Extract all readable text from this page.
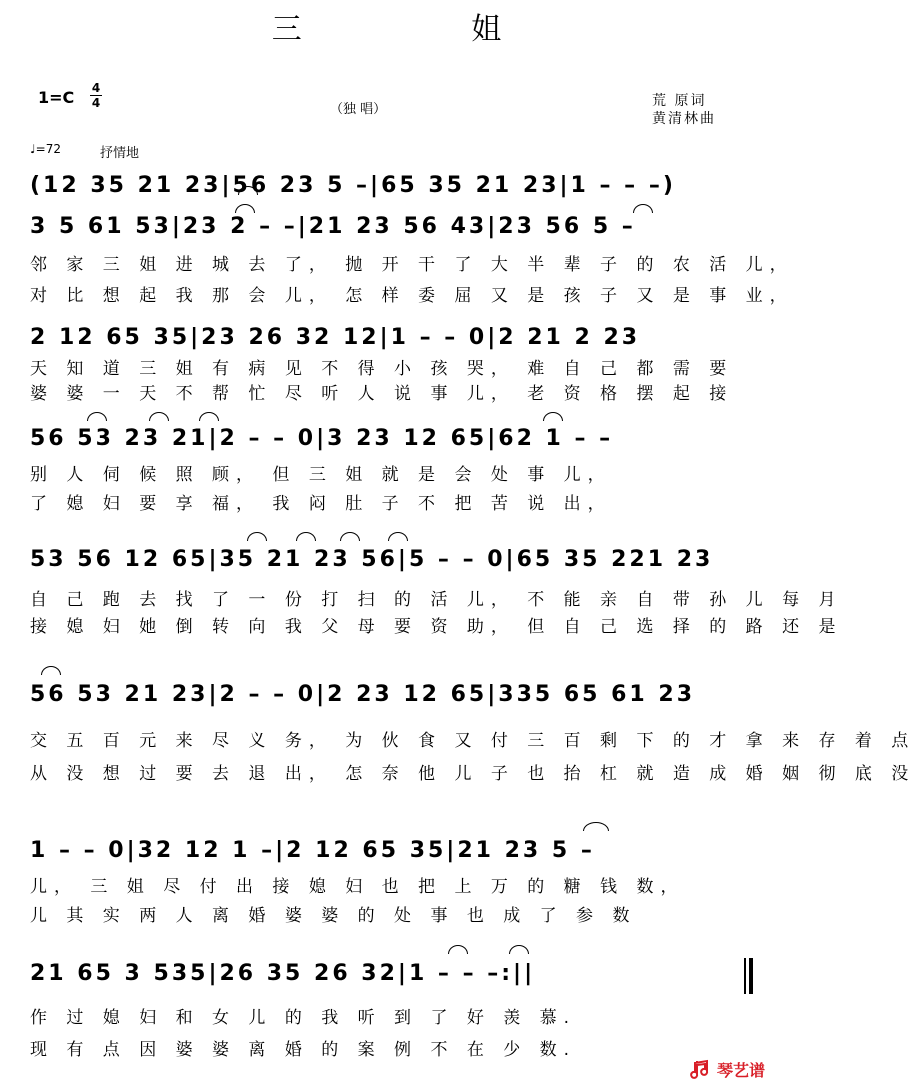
三 姐
1=C 4
4	（独 唱）
荒 原词
黄清林曲
♩=72	抒情地
(12 35 21 23|56 23 5 –|65 35 21 23|1 – – –)
3 5 61 53|23 2 – –|21 23 56 43|23 56 5 –
邻 家 三 姐 进 城 去 了， 抛 开 干 了 大 半 辈 子 的 农 活 儿，
对 比 想 起 我 那 会 儿， 怎 样 委 屈 又 是 孩 子 又 是 事 业，
2 12 65 35|23 26 32 12|1 – – 0|2 21 2 23
天 知 道 三 姐 有 病 见 不 得 小 孩 哭， 难 自 己 都 需 要
婆 婆 一 天 不 帮 忙 尽 听 人 说 事 儿， 老 资 格 摆 起 接
56 53 23 21|2 – – 0|3 23 12 65|62 1 – –
别 人 伺 候 照 顾， 但 三 姐 就 是 会 处 事 儿，
了 媳 妇 要 享 福， 我 闷 肚 子 不 把 苦 说 出，
53 56 12 65|35 21 23 56|5 – – 0|65 35 221 23
自 己 跑 去 找 了 一 份 打 扫 的 活 儿， 不 能 亲 自 带 孙 儿 每 月
接 媳 妇 她 倒 转 向 我 父 母 要 资 助， 但 自 己 选 择 的 路 还 是
56 53 21 23|2 – – 0|2 23 12 65|335 65 61 23
交 五 百 元 来 尽 义 务， 为 伙 食 又 付 三 百 剩 下 的 才 拿 来 存 着 点
从 没 想 过 要 去 退 出， 怎 奈 他 儿 子 也 抬 杠 就 造 成 婚 姻 彻 底 没
1 – – 0|32 12 1 –|2 12 65 35|21 23 5 –
儿， 三 姐 尽 付 出 接 媳 妇 也 把 上 万 的 糖 钱 数，
儿 其 实 两 人 离 婚 婆 婆 的 处 事 也 成 了 参 数
21 65 3 535|26 35 26 32|1 – – –:||
作 过 媳 妇 和 女 儿 的 我 听 到 了 好 羡 慕.
现 有 点 因 婆 婆 离 婚 的 案 例 不 在 少 数.
琴艺谱
